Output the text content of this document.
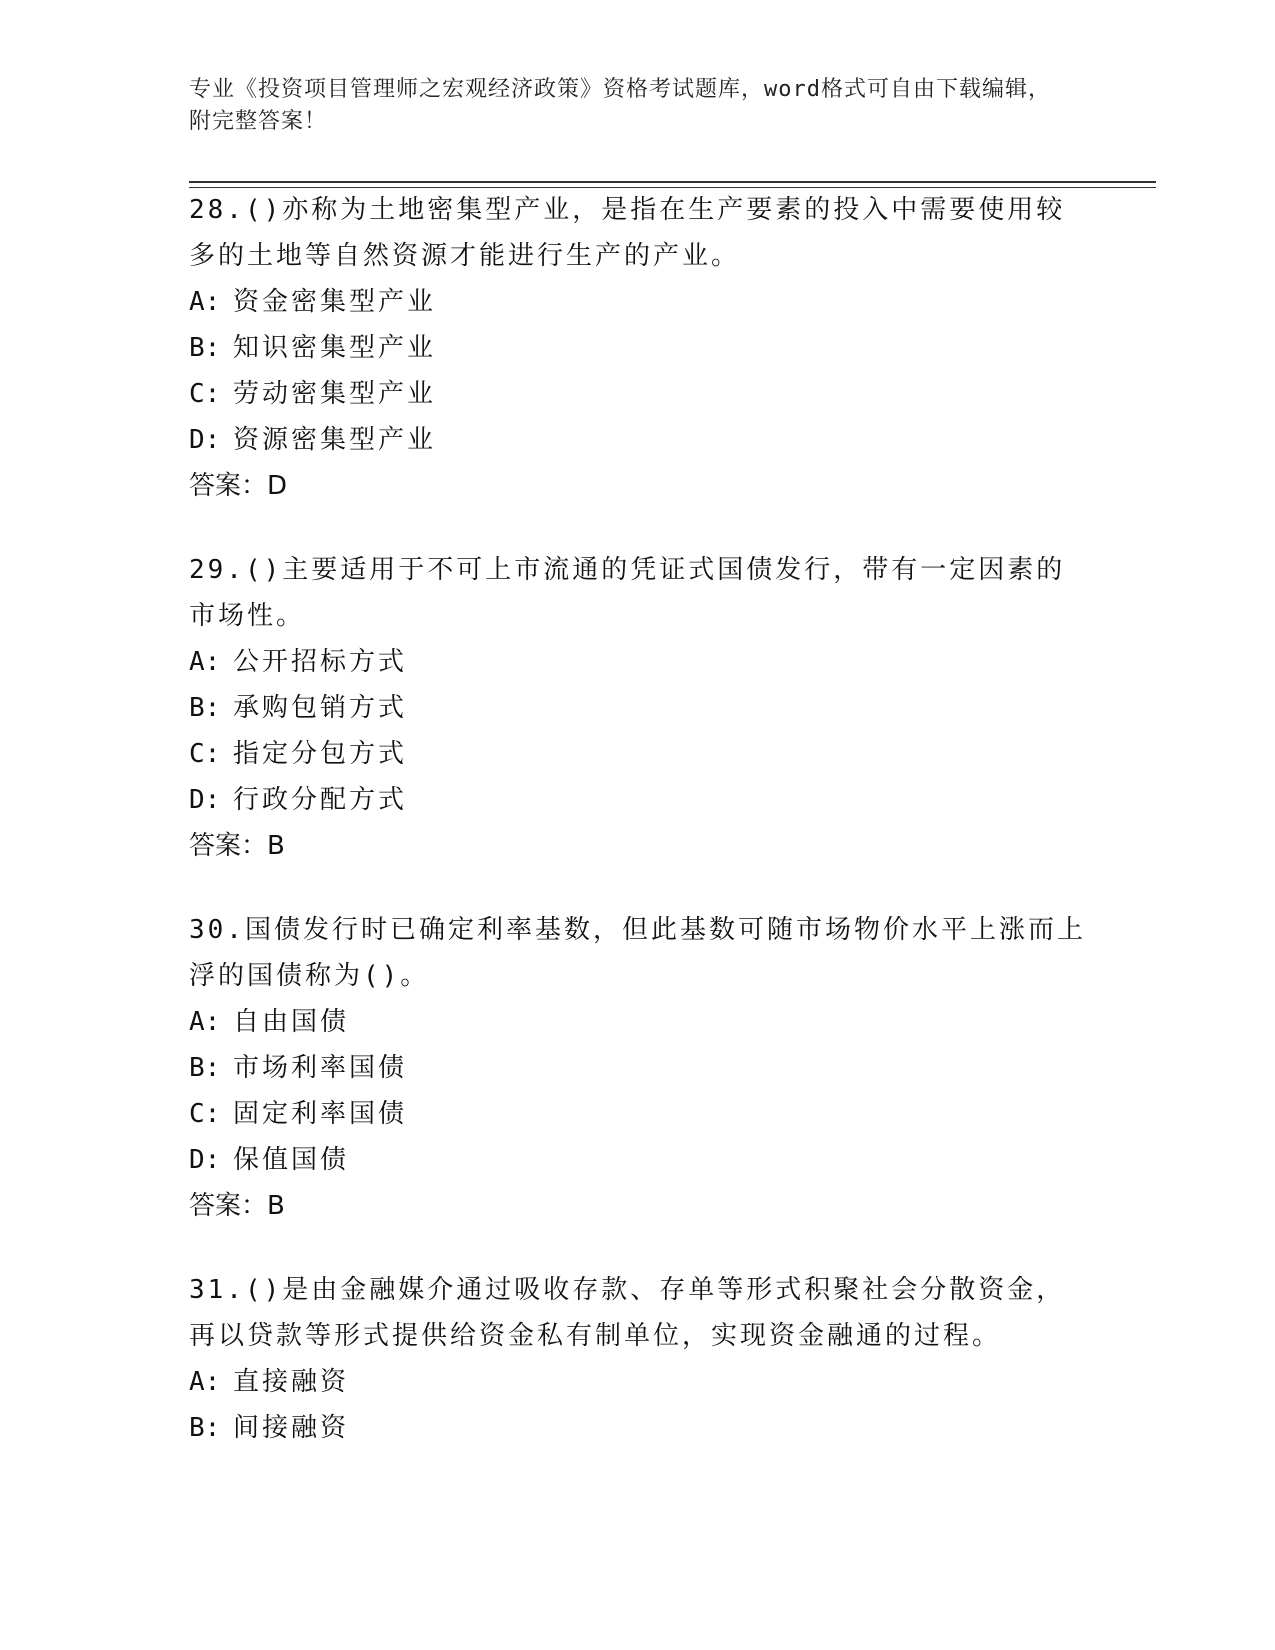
专业《投资项目管理师之宏观经济政策》资格考试题库，word格式可自由下载编辑，附完整答案！
28.()亦称为土地密集型产业，是指在生产要素的投入中需要使用较多的土地等自然资源才能进行生产的产业。
A: 资金密集型产业
B: 知识密集型产业
C: 劳动密集型产业
D: 资源密集型产业
答案：D
29.()主要适用于不可上市流通的凭证式国债发行，带有一定因素的市场性。
A: 公开招标方式
B: 承购包销方式
C: 指定分包方式
D: 行政分配方式
答案：B
30.国债发行时已确定利率基数，但此基数可随市场物价水平上涨而上浮的国债称为()。
A: 自由国债
B: 市场利率国债
C: 固定利率国债
D: 保值国债
答案：B
31.()是由金融媒介通过吸收存款、存单等形式积聚社会分散资金，再以贷款等形式提供给资金私有制单位，实现资金融通的过程。
A: 直接融资
B: 间接融资
